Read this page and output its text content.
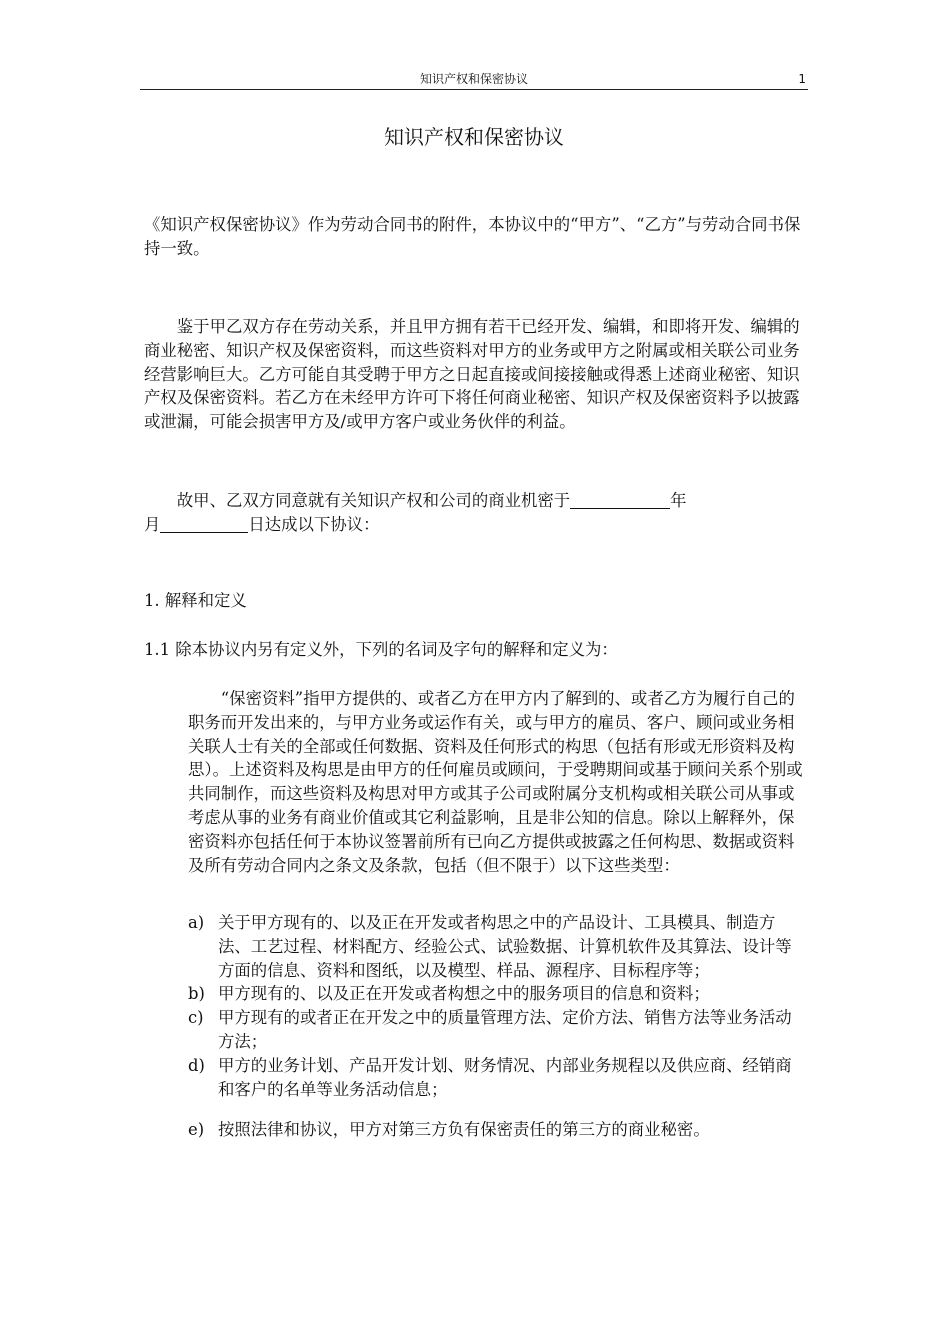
知识产权和保密协议	1
知识产权和保密协议

《知识产权保密协议》作为劳动合同书的附件，本协议中的“甲方”、“乙方”与劳动合同书保持一致。

鉴于甲乙双方存在劳动关系，并且甲方拥有若干已经开发、编辑，和即将开发、编辑的商业秘密、知识产权及保密资料，而这些资料对甲方的业务或甲方之附属或相关联公司业务经营影响巨大。乙方可能自其受聘于甲方之日起直接或间接接触或得悉上述商业秘密、知识产权及保密资料。若乙方在未经甲方许可下将任何商业秘密、知识产权及保密资料予以披露或泄漏，可能会损害甲方及/或甲方客户或业务伙伴的利益。

故甲、乙双方同意就有关知识产权和公司的商业机密于	年
月	日达成以下协议：

1. 解释和定义

1.1 除本协议内另有定义外，下列的名词及字句的解释和定义为：

“保密资料”指甲方提供的、或者乙方在甲方内了解到的、或者乙方为履行自己的职务而开发出来的，与甲方业务或运作有关，或与甲方的雇员、客户、顾问或业务相关联人士有关的全部或任何数据、资料及任何形式的构思（包括有形或无形资料及构思）。上述资料及构思是由甲方的任何雇员或顾问，于受聘期间或基于顾问关系个别或共同制作，而这些资料及构思对甲方或其子公司或附属分支机构或相关联公司从事或考虑从事的业务有商业价值或其它利益影响，且是非公知的信息。除以上解释外，保密资料亦包括任何于本协议签署前所有已向乙方提供或披露之任何构思、数据或资料及所有劳动合同内之条文及条款，包括（但不限于）以下这些类型：

a) 关于甲方现有的、以及正在开发或者构思之中的产品设计、工具模具、制造方法、工艺过程、材料配方、经验公式、试验数据、计算机软件及其算法、设计等方面的信息、资料和图纸，以及模型、样品、源程序、目标程序等；
b) 甲方现有的、以及正在开发或者构想之中的服务项目的信息和资料；
c) 甲方现有的或者正在开发之中的质量管理方法、定价方法、销售方法等业务活动方法；
d) 甲方的业务计划、产品开发计划、财务情况、内部业务规程以及供应商、经销商和客户的名单等业务活动信息；
e) 按照法律和协议，甲方对第三方负有保密责任的第三方的商业秘密。
